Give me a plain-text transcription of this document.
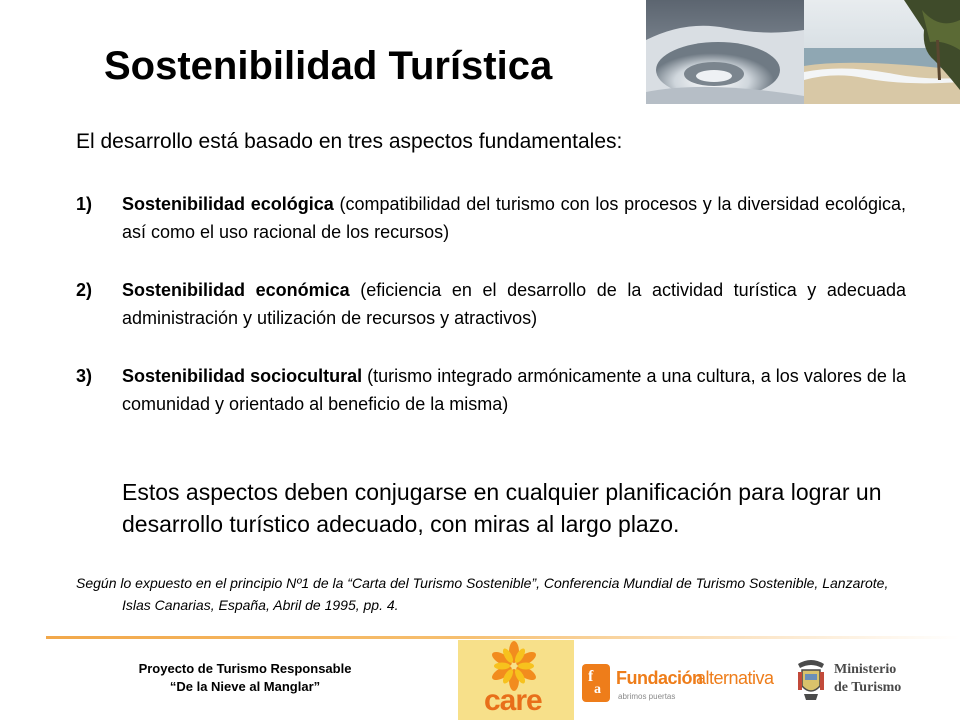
Sostenibilidad Turística

El desarrollo está basado en tres aspectos fundamentales:

1) Sostenibilidad ecológica (compatibilidad del turismo con los procesos y la diversidad ecológica, así como el uso racional de los recursos)
2) Sostenibilidad económica (eficiencia en el desarrollo de la actividad turística y adecuada administración y utilización de recursos y atractivos)
3) Sostenibilidad sociocultural (turismo integrado armónicamente a una cultura, a los valores de la comunidad y orientado al beneficio de la misma)

Estos aspectos deben conjugarse en cualquier planificación para lograr un desarrollo turístico adecuado, con miras al largo plazo.

Según lo expuesto en el principio Nº1 de la “Carta del Turismo Sostenible”, Conferencia Mundial de Turismo Sostenible, Lanzarote, Islas Canarias, España, Abril de 1995, pp. 4.

Proyecto de Turismo Responsable
“De la Nieve al Manglar”	care
f
a
Fundación
alternativa
abrimos puertas
Ministerio
de Turismo
